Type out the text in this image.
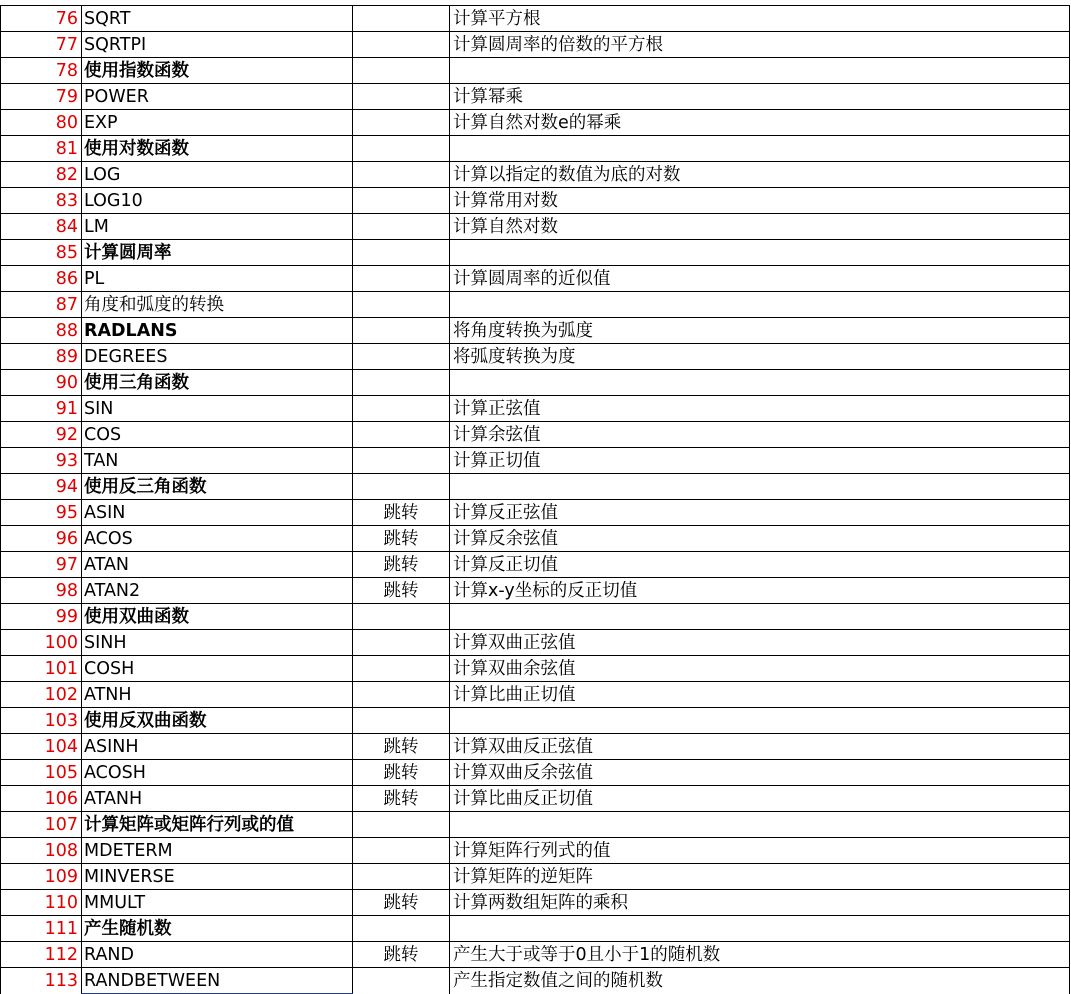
76	SQRT		计算平方根
77	SQRTPI		计算圆周率的倍数的平方根
78	使用指数函数		
79	POWER		计算幂乘
80	EXP		计算自然对数e的幂乘
81	使用对数函数		
82	LOG		计算以指定的数值为底的对数
83	LOG10		计算常用对数
84	LM		计算自然对数
85	计算圆周率		
86	PL		计算圆周率的近似值
87	角度和弧度的转换		
88	RADLANS		将角度转换为弧度
89	DEGREES		将弧度转换为度
90	使用三角函数		
91	SIN		计算正弦值
92	COS		计算余弦值
93	TAN		计算正切值
94	使用反三角函数		
95	ASIN	跳转	计算反正弦值
96	ACOS	跳转	计算反余弦值
97	ATAN	跳转	计算反正切值
98	ATAN2	跳转	计算x-y坐标的反正切值
99	使用双曲函数		
100	SINH		计算双曲正弦值
101	COSH		计算双曲余弦值
102	ATNH		计算比曲正切值
103	使用反双曲函数		
104	ASINH	跳转	计算双曲反正弦值
105	ACOSH	跳转	计算双曲反余弦值
106	ATANH	跳转	计算比曲反正切值
107	计算矩阵或矩阵行列或的值		
108	MDETERM		计算矩阵行列式的值
109	MINVERSE		计算矩阵的逆矩阵
110	MMULT	跳转	计算两数组矩阵的乘积
111	产生随机数		
112	RAND	跳转	产生大于或等于0且小于1的随机数
113	RANDBETWEEN		产生指定数值之间的随机数
